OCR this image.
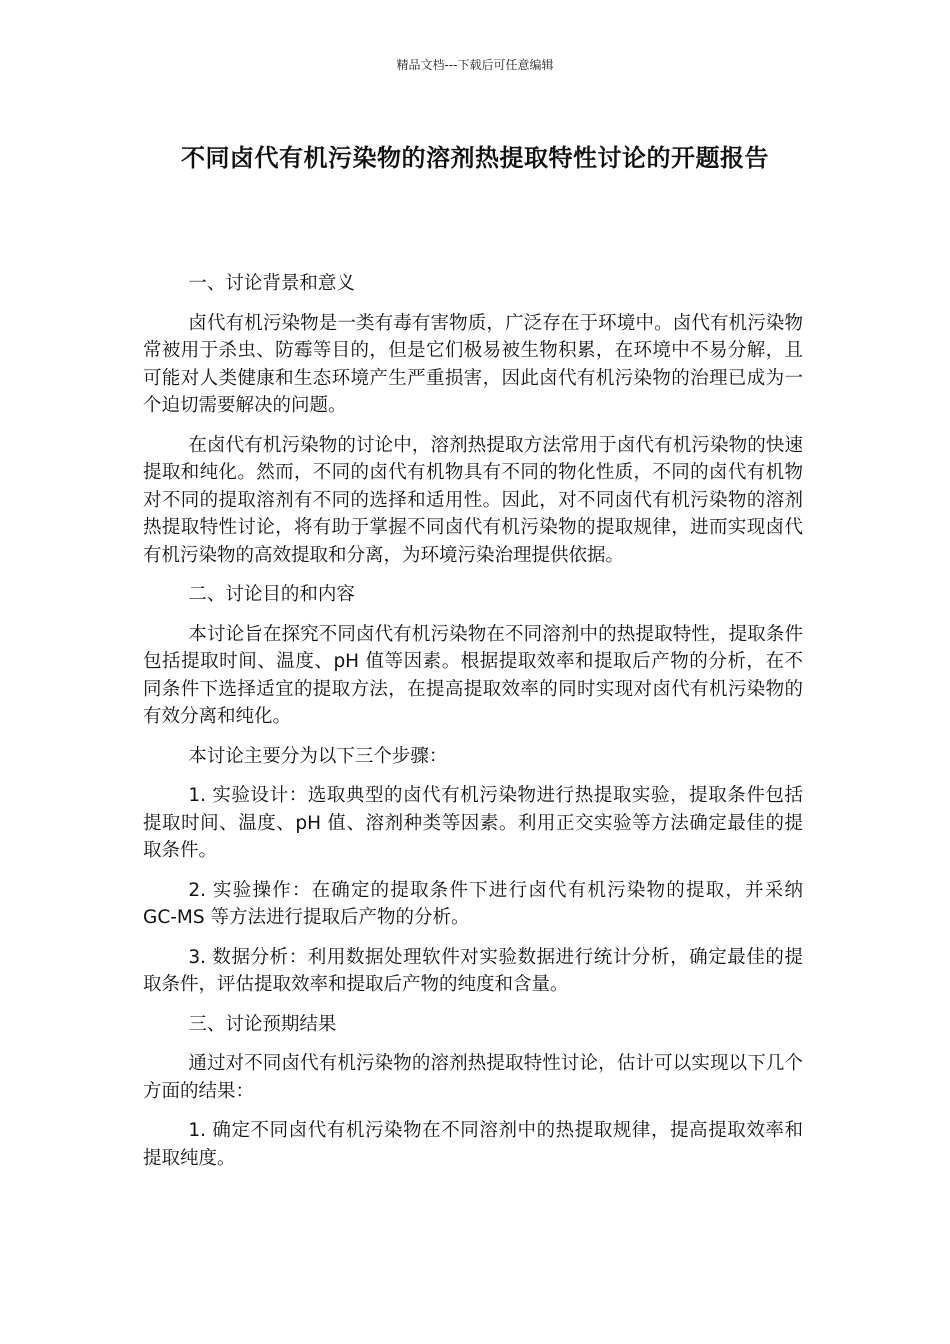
精品文档---下载后可任意编辑
不同卤代有机污染物的溶剂热提取特性讨论的开题报告

一、讨论背景和意义

卤代有机污染物是一类有毒有害物质，广泛存在于环境中。卤代有机污染物常被用于杀虫、防霉等目的，但是它们极易被生物积累，在环境中不易分解，且可能对人类健康和生态环境产生严重损害，因此卤代有机污染物的治理已成为一个迫切需要解决的问题。

在卤代有机污染物的讨论中，溶剂热提取方法常用于卤代有机污染物的快速提取和纯化。然而，不同的卤代有机物具有不同的物化性质，不同的卤代有机物对不同的提取溶剂有不同的选择和适用性。因此，对不同卤代有机污染物的溶剂热提取特性讨论，将有助于掌握不同卤代有机污染物的提取规律，进而实现卤代有机污染物的高效提取和分离，为环境污染治理提供依据。

二、讨论目的和内容

本讨论旨在探究不同卤代有机污染物在不同溶剂中的热提取特性，提取条件包括提取时间、温度、pH 值等因素。根据提取效率和提取后产物的分析，在不同条件下选择适宜的提取方法，在提高提取效率的同时实现对卤代有机污染物的有效分离和纯化。

本讨论主要分为以下三个步骤：

1. 实验设计：选取典型的卤代有机污染物进行热提取实验，提取条件包括提取时间、温度、pH 值、溶剂种类等因素。利用正交实验等方法确定最佳的提取条件。

2. 实验操作：在确定的提取条件下进行卤代有机污染物的提取，并采纳 GC-MS 等方法进行提取后产物的分析。

3. 数据分析：利用数据处理软件对实验数据进行统计分析，确定最佳的提取条件，评估提取效率和提取后产物的纯度和含量。

三、讨论预期结果

通过对不同卤代有机污染物的溶剂热提取特性讨论，估计可以实现以下几个方面的结果：

1. 确定不同卤代有机污染物在不同溶剂中的热提取规律，提高提取效率和提取纯度。
